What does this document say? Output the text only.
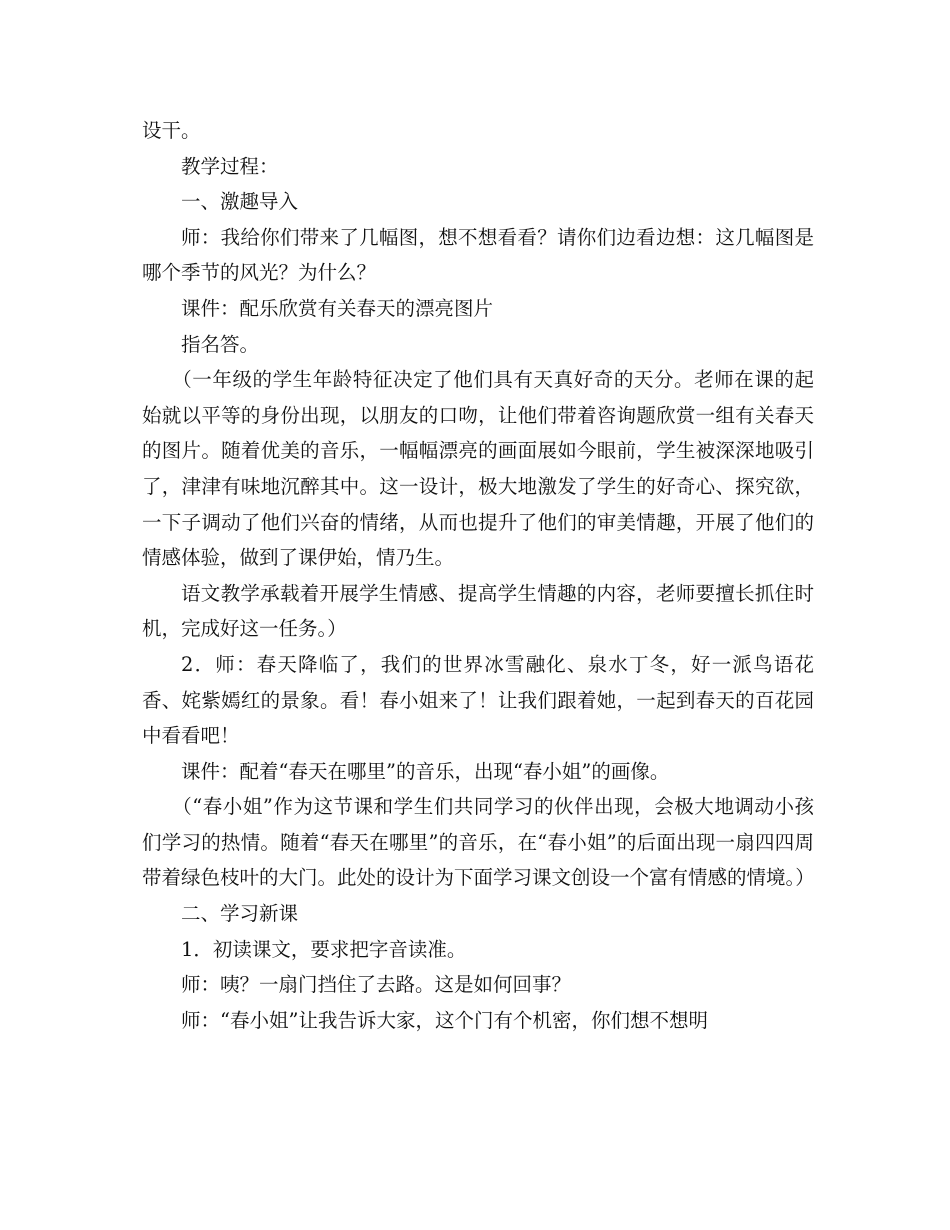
设干。

教学过程：

一、激趣导入

师：我给你们带来了几幅图，想不想看看？请你们边看边想：这几幅图是哪个季节的风光？为什么？

课件：配乐欣赏有关春天的漂亮图片

指名答。

（一年级的学生年龄特征决定了他们具有天真好奇的天分。老师在课的起始就以平等的身份出现，以朋友的口吻，让他们带着咨询题欣赏一组有关春天的图片。随着优美的音乐，一幅幅漂亮的画面展如今眼前，学生被深深地吸引了，津津有味地沉醉其中。这一设计，极大地激发了学生的好奇心、探究欲，一下子调动了他们兴奋的情绪，从而也提升了他们的审美情趣，开展了他们的情感体验，做到了课伊始，情乃生。

语文教学承载着开展学生情感、提高学生情趣的内容，老师要擅长抓住时机，完成好这一任务。）

2．师：春天降临了，我们的世界冰雪融化、泉水丁冬，好一派鸟语花香、姹紫嫣红的景象。看！春小姐来了！让我们跟着她，一起到春天的百花园中看看吧！

课件：配着“春天在哪里”的音乐，出现“春小姐”的画像。

（“春小姐”作为这节课和学生们共同学习的伙伴出现，会极大地调动小孩们学习的热情。随着“春天在哪里”的音乐，在“春小姐”的后面出现一扇四四周带着绿色枝叶的大门。此处的设计为下面学习课文创设一个富有情感的情境。）

二、学习新课

1．初读课文，要求把字音读准。

师：咦？一扇门挡住了去路。这是如何回事？

师：“春小姐”让我告诉大家，这个门有个机密，你们想不想明
